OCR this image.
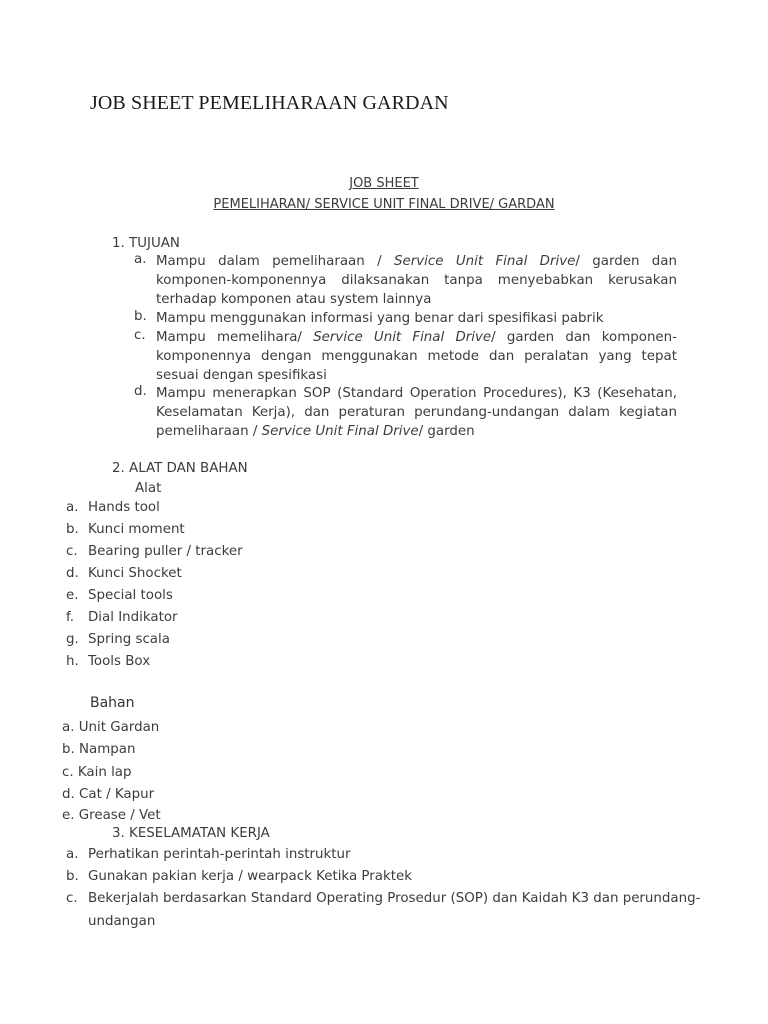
JOB SHEET PEMELIHARAAN GARDAN
JOB SHEET
PEMELIHARAN/ SERVICE UNIT FINAL DRIVE/ GARDAN
1. TUJUAN
a. Mampu dalam pemeliharaan / Service Unit Final Drive/ garden dan komponen-komponennya dilaksanakan tanpa menyebabkan kerusakan terhadap komponen atau system lainnya
b. Mampu menggunakan informasi yang benar dari spesifikasi pabrik
c. Mampu memelihara/ Service Unit Final Drive/ garden dan komponen-komponennya dengan menggunakan metode dan peralatan yang tepat sesuai dengan spesifikasi
d. Mampu menerapkan SOP (Standard Operation Procedures), K3 (Kesehatan, Keselamatan Kerja), dan peraturan perundang-undangan dalam kegiatan pemeliharaan / Service Unit Final Drive/ garden
2. ALAT DAN BAHAN
Alat
a. Hands tool
b. Kunci moment
c. Bearing puller / tracker
d. Kunci Shocket
e. Special tools
f. Dial Indikator
g. Spring scala
h. Tools Box
Bahan
a. Unit Gardan
b. Nampan
c. Kain lap
d. Cat / Kapur
e. Grease / Vet
3. KESELAMATAN KERJA
a. Perhatikan perintah-perintah instruktur
b. Gunakan pakian kerja / wearpack Ketika Praktek
c. Bekerjalah berdasarkan Standard Operating Prosedur (SOP) dan Kaidah K3 dan perundang-
undangan
